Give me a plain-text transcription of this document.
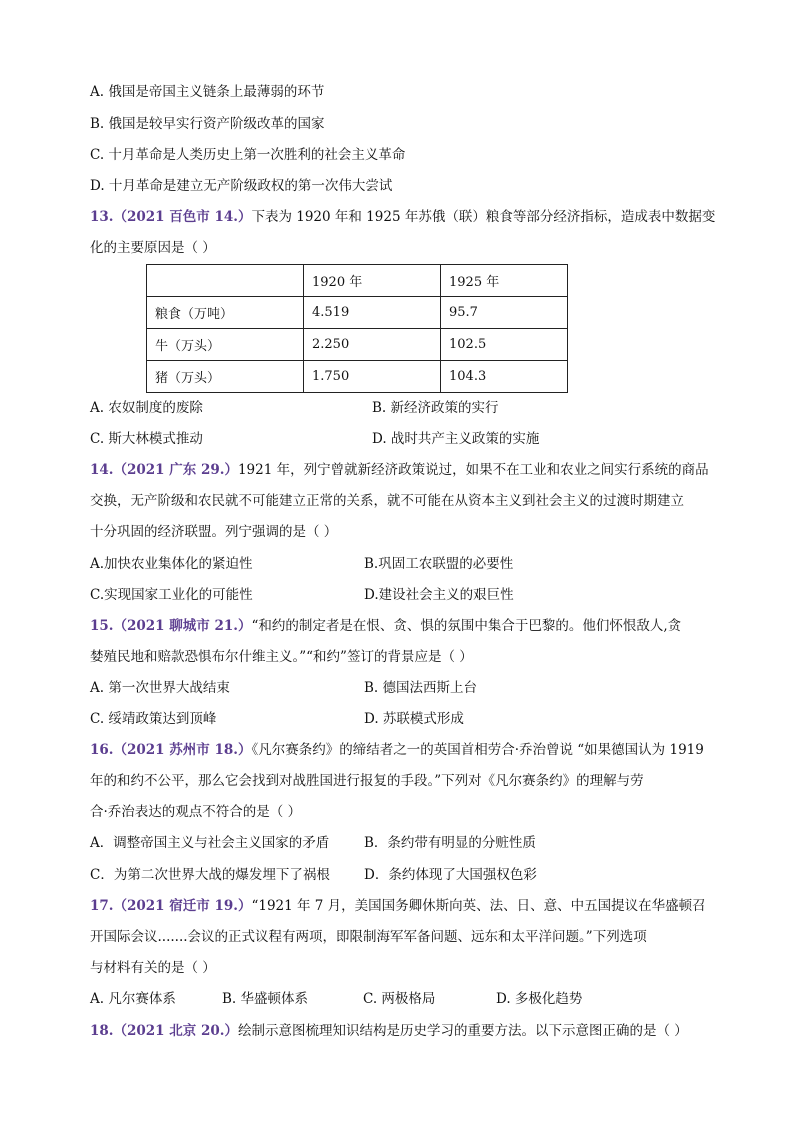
A. 俄国是帝国主义链条上最薄弱的环节
B. 俄国是较早实行资产阶级改革的国家
C. 十月革命是人类历史上第一次胜利的社会主义革命
D. 十月革命是建立无产阶级政权的第一次伟大尝试
13.（2021 百色市 14.）下表为 1920 年和 1925 年苏俄（联）粮食等部分经济指标，造成表中数据变
化的主要原因是（ ）
	1920 年	1925 年
粮食（万吨）	4.519	95.7
牛（万头）	2.250	102.5
猪（万头）	1.750	104.3
A. 农奴制度的废除	B. 新经济政策的实行
C. 斯大林模式推动	D. 战时共产主义政策的实施
14.（2021 广东 29.）1921 年，列宁曾就新经济政策说过，如果不在工业和农业之间实行系统的商品
交换，无产阶级和农民就不可能建立正常的关系，就不可能在从资本主义到社会主义的过渡时期建立
十分巩固的经济联盟。列宁强调的是（ ）
A.加快农业集体化的紧迫性	B.巩固工农联盟的必要性
C.实现国家工业化的可能性	D.建设社会主义的艰巨性
15.（2021 聊城市 21.）“和约的制定者是在恨、贪、惧的氛围中集合于巴黎的。他们怀恨敌人,贪
婪殖民地和赔款恐惧布尔什维主义。”“和约”签订的背景应是（ ）
A. 第一次世界大战结束	B. 德国法西斯上台
C. 绥靖政策达到顶峰	D. 苏联模式形成
16.（2021 苏州市 18.）《凡尔赛条约》的缔结者之一的英国首相劳合·乔治曾说 “如果德国认为 1919
年的和约不公平，那么它会找到对战胜国进行报复的手段。”下列对《凡尔赛条约》的理解与劳
合·乔治表达的观点不符合的是（ ）
A．调整帝国主义与社会主义国家的矛盾	B．条约带有明显的分赃性质
C．为第二次世界大战的爆发埋下了祸根	D．条约体现了大国强权色彩
17.（2021 宿迁市 19.）“1921 年 7 月，美国国务卿休斯向英、法、日、意、中五国提议在华盛顿召
开国际会议.......会议的正式议程有两项，即限制海军军备问题、远东和太平洋问题。”下列选项
与材料有关的是（ ）
A. 凡尔赛体系	B. 华盛顿体系	C. 两极格局	D. 多极化趋势
18.（2021 北京 20.）绘制示意图梳理知识结构是历史学习的重要方法。以下示意图正确的是（ ）
